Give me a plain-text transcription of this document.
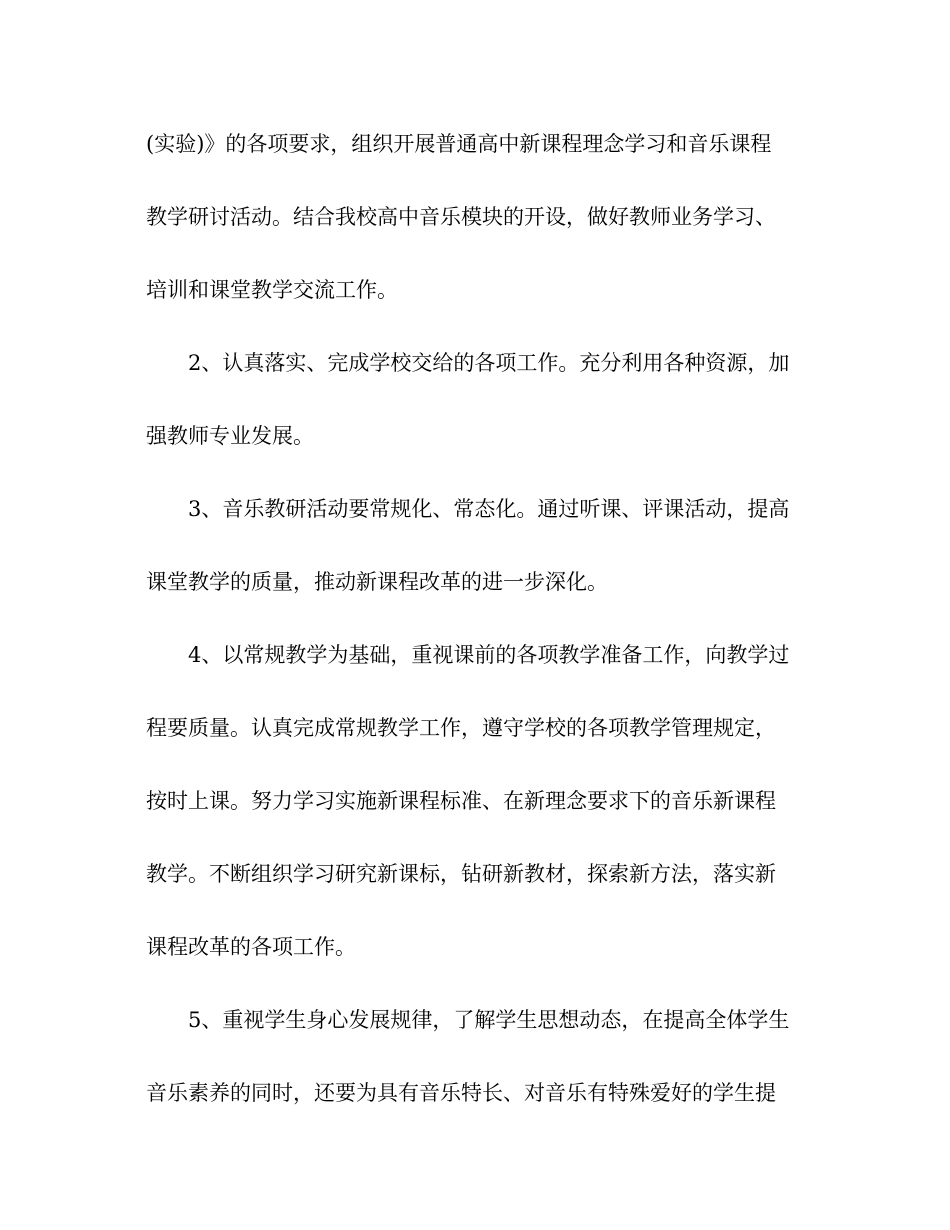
(实验)》的各项要求，组织开展普通高中新课程理念学习和音乐课程

教学研讨活动。结合我校高中音乐模块的开设，做好教师业务学习、

培训和课堂教学交流工作。

2、认真落实、完成学校交给的各项工作。充分利用各种资源，加

强教师专业发展。

3、音乐教研活动要常规化、常态化。通过听课、评课活动，提高

课堂教学的质量，推动新课程改革的进一步深化。

4、以常规教学为基础，重视课前的各项教学准备工作，向教学过

程要质量。认真完成常规教学工作，遵守学校的各项教学管理规定，

按时上课。努力学习实施新课程标准、在新理念要求下的音乐新课程

教学。不断组织学习研究新课标，钻研新教材，探索新方法，落实新

课程改革的各项工作。

5、重视学生身心发展规律，了解学生思想动态，在提高全体学生

音乐素养的同时，还要为具有音乐特长、对音乐有特殊爱好的学生提
